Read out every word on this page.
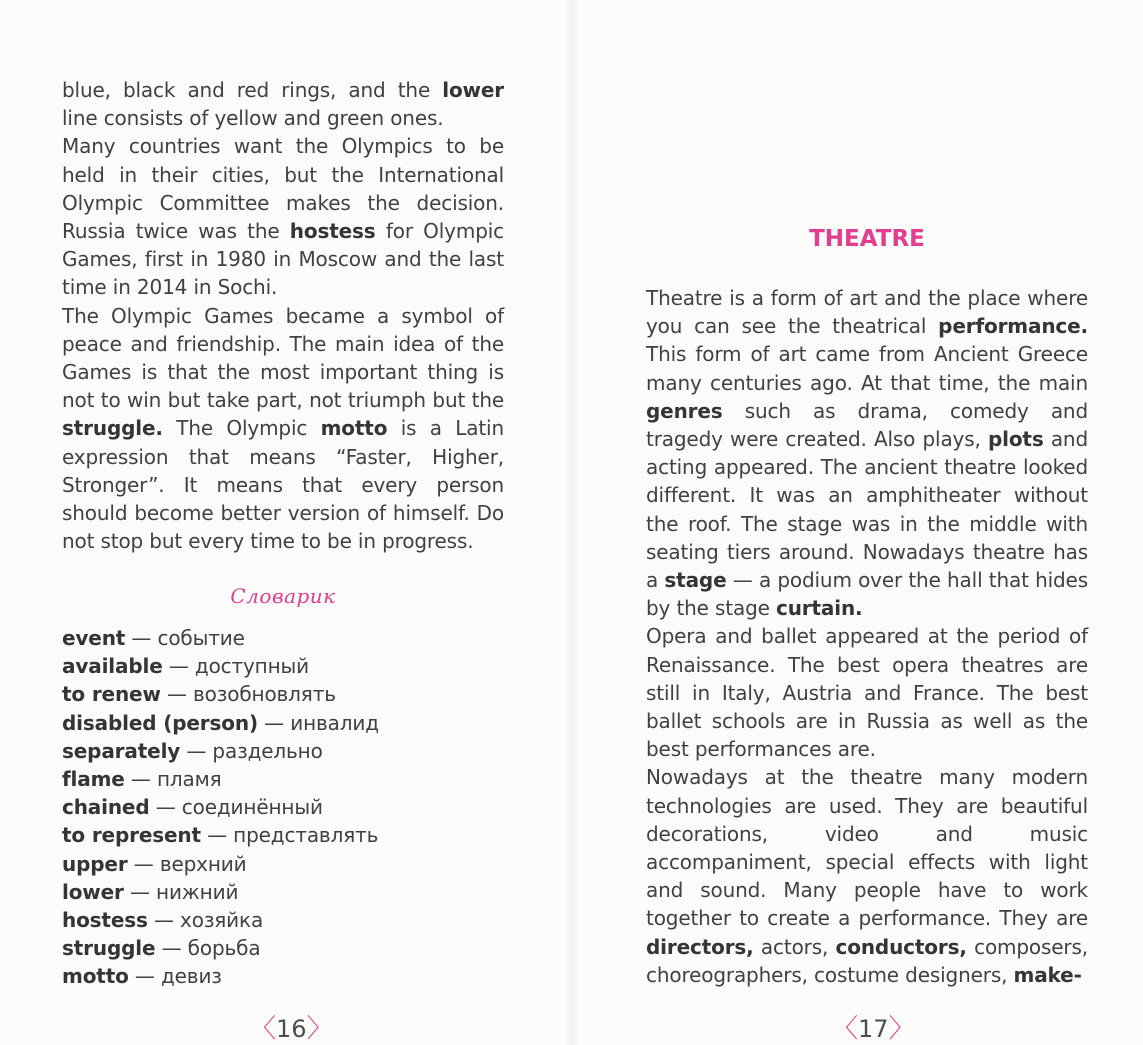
blue, black and red rings, and the lower line consists of yellow and green ones.

Many countries want the Olympics to be held in their cities, but the International Olympic Committee makes the decision. Russia twice was the hostess for Olympic Games, first in 1980 in Moscow and the last time in 2014 in Sochi.

The Olympic Games became a symbol of peace and friendship. The main idea of the Games is that the most important thing is not to win but take part, not triumph but the struggle. The Olympic motto is a Latin expression that means “Faster, Higher, Stronger”. It means that every person should become better version of himself. Do not stop but every time to be in progress.

Словарик
event — событие
available — доступный
to renew — возобновлять
disabled (person) — инвалид
separately — раздельно
flame — пламя
chained — соединённый
to represent — представлять
upper — верхний
lower — нижний
hostess — хозяйка
struggle — борьба
motto — девиз
〈16〉
THEATRE

Theatre is a form of art and the place where you can see the theatrical performance. This form of art came from Ancient Greece many centuries ago. At that time, the main genres such as drama, comedy and tragedy were created. Also plays, plots and acting appeared. The ancient theatre looked different. It was an amphitheater without the roof. The stage was in the middle with seating tiers around. Nowadays theatre has a stage — a podium over the hall that hides by the stage curtain.

Opera and ballet appeared at the period of Renaissance. The best opera theatres are still in Italy, Austria and France. The best ballet schools are in Russia as well as the best performances are.

Nowadays at the theatre many modern technologies are used. They are beautiful decorations, video and music accompaniment, special effects with light and sound. Many people have to work together to create a performance. They are directors, actors, conductors, composers, choreographers, costume designers, make-

〈17〉
